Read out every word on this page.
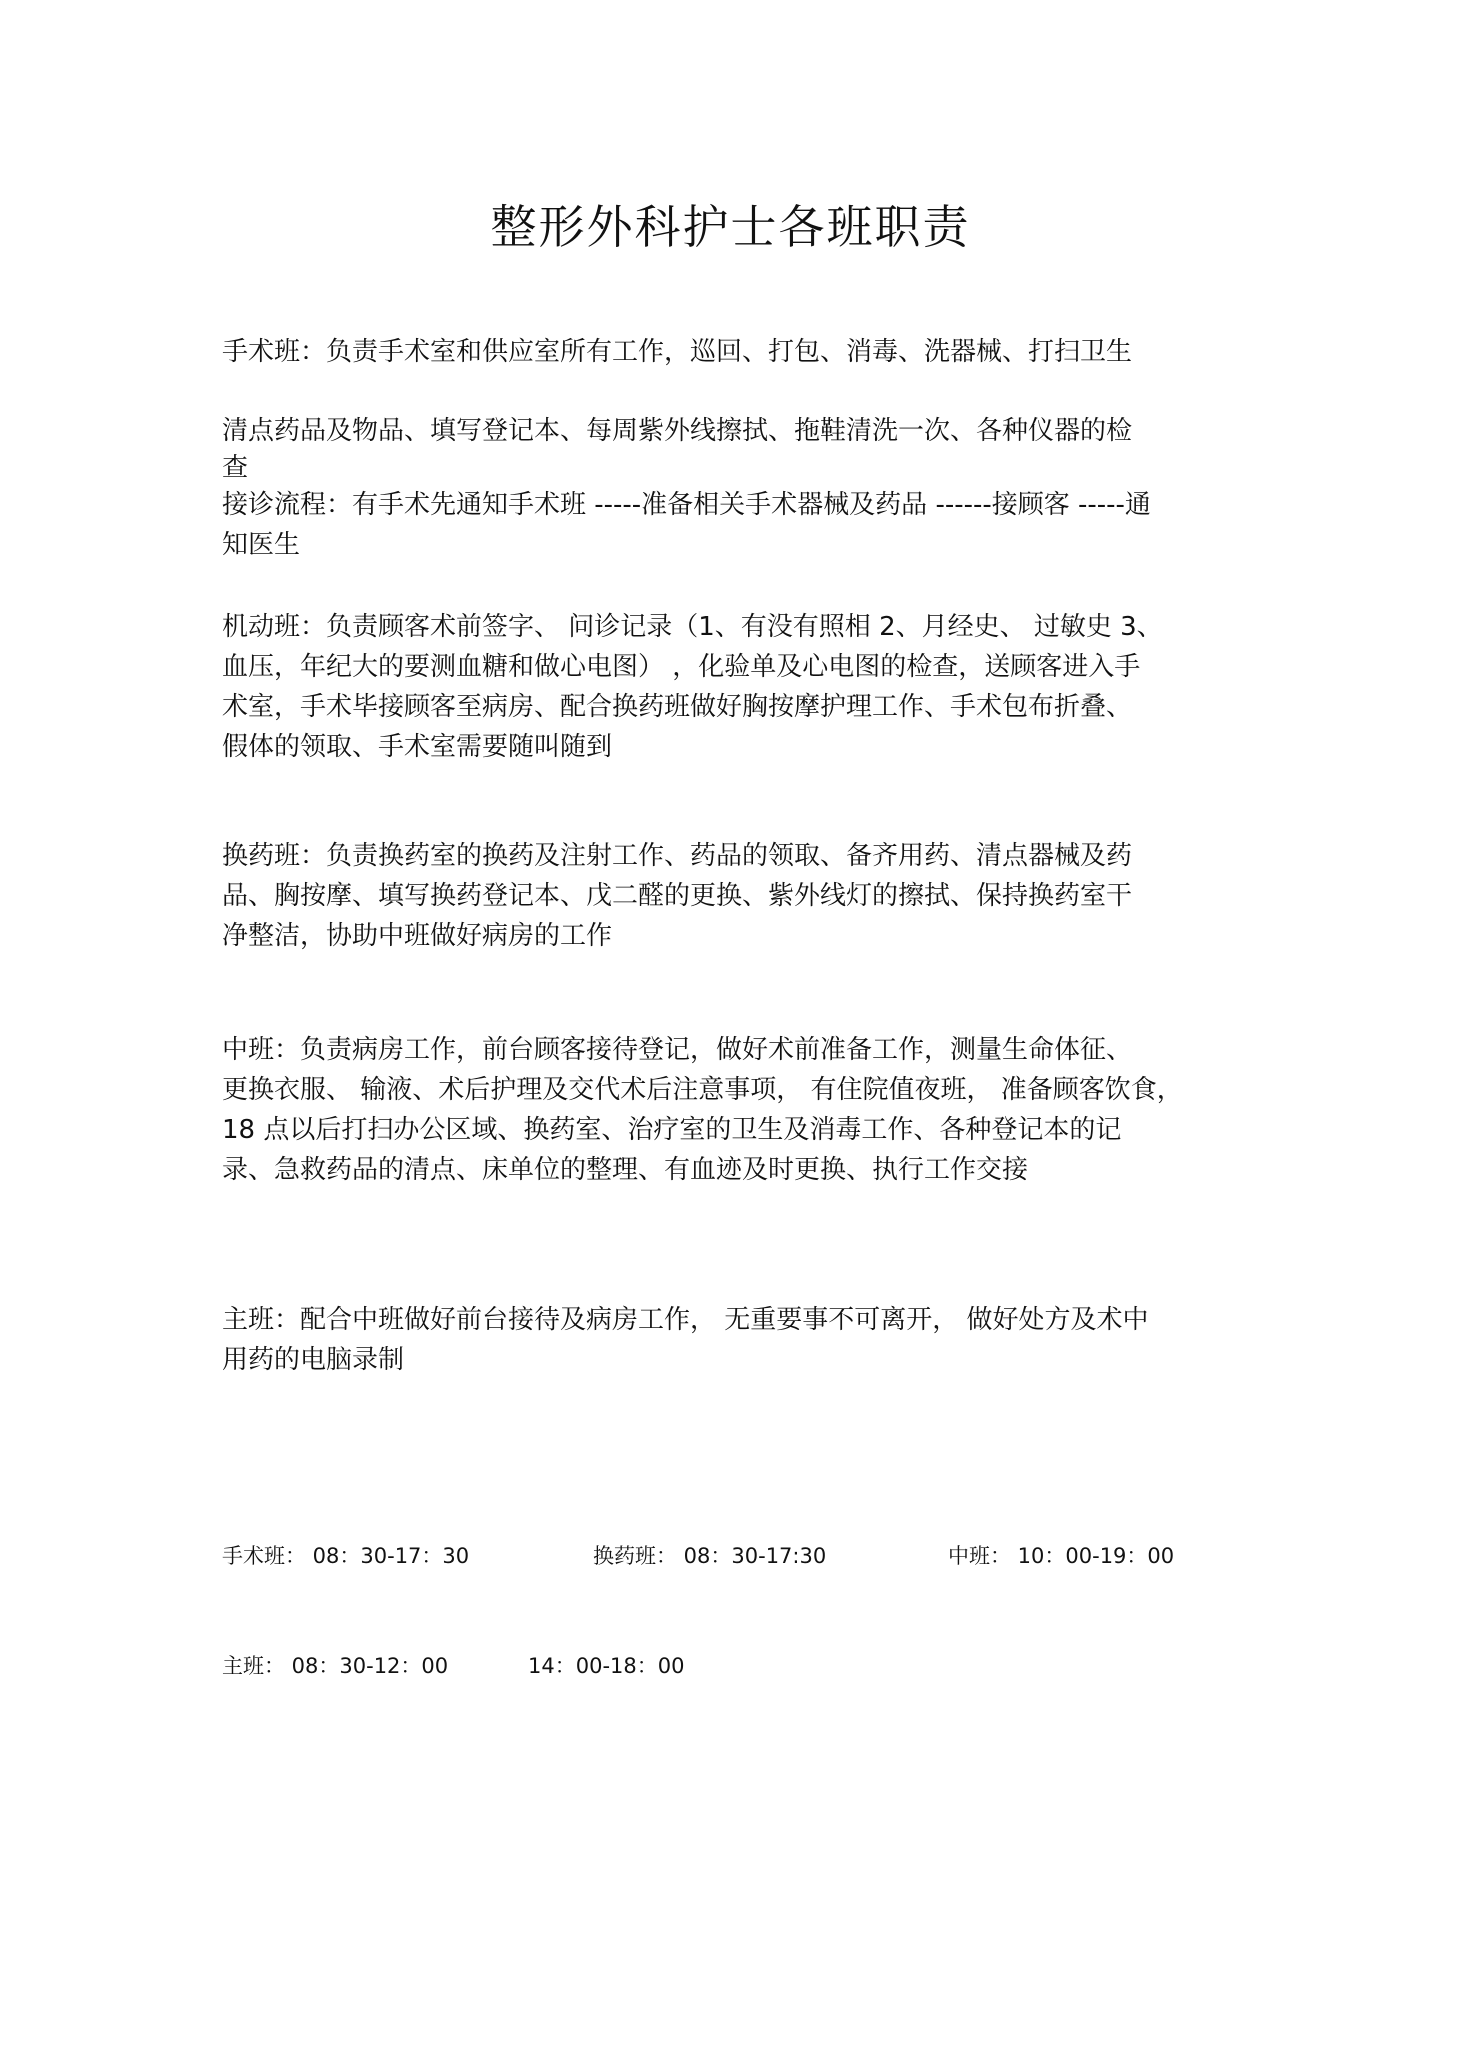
整形外科护士各班职责
手术班：负责手术室和供应室所有工作，巡回、打包、消毒、洗器械、打扫卫生
清点药品及物品、填写登记本、每周紫外线擦拭、拖鞋清洗一次、各种仪器的检
查
接诊流程：有手术先通知手术班 -----准备相关手术器械及药品 ------接顾客 -----通
知医生
机动班：负责顾客术前签字、 问诊记录（1、有没有照相 2、月经史、 过敏史 3、
血压，年纪大的要测血糖和做心电图） ，化验单及心电图的检查，送顾客进入手
术室，手术毕接顾客至病房、配合换药班做好胸按摩护理工作、手术包布折叠、
假体的领取、手术室需要随叫随到
换药班：负责换药室的换药及注射工作、药品的领取、备齐用药、清点器械及药
品、胸按摩、填写换药登记本、戊二醛的更换、紫外线灯的擦拭、保持换药室干
净整洁，协助中班做好病房的工作
中班：负责病房工作，前台顾客接待登记，做好术前准备工作，测量生命体征、
更换衣服、 输液、术后护理及交代术后注意事项， 有住院值夜班， 准备顾客饮食，
18 点以后打扫办公区域、换药室、治疗室的卫生及消毒工作、各种登记本的记
录、急救药品的清点、床单位的整理、有血迹及时更换、执行工作交接
主班：配合中班做好前台接待及病房工作， 无重要事不可离开， 做好处方及术中
用药的电脑录制
手术班： 08：30-17：30	换药班： 08：30-17:30	中班： 10：00-19：00
主班： 08：30-12：00	14：00-18：00
